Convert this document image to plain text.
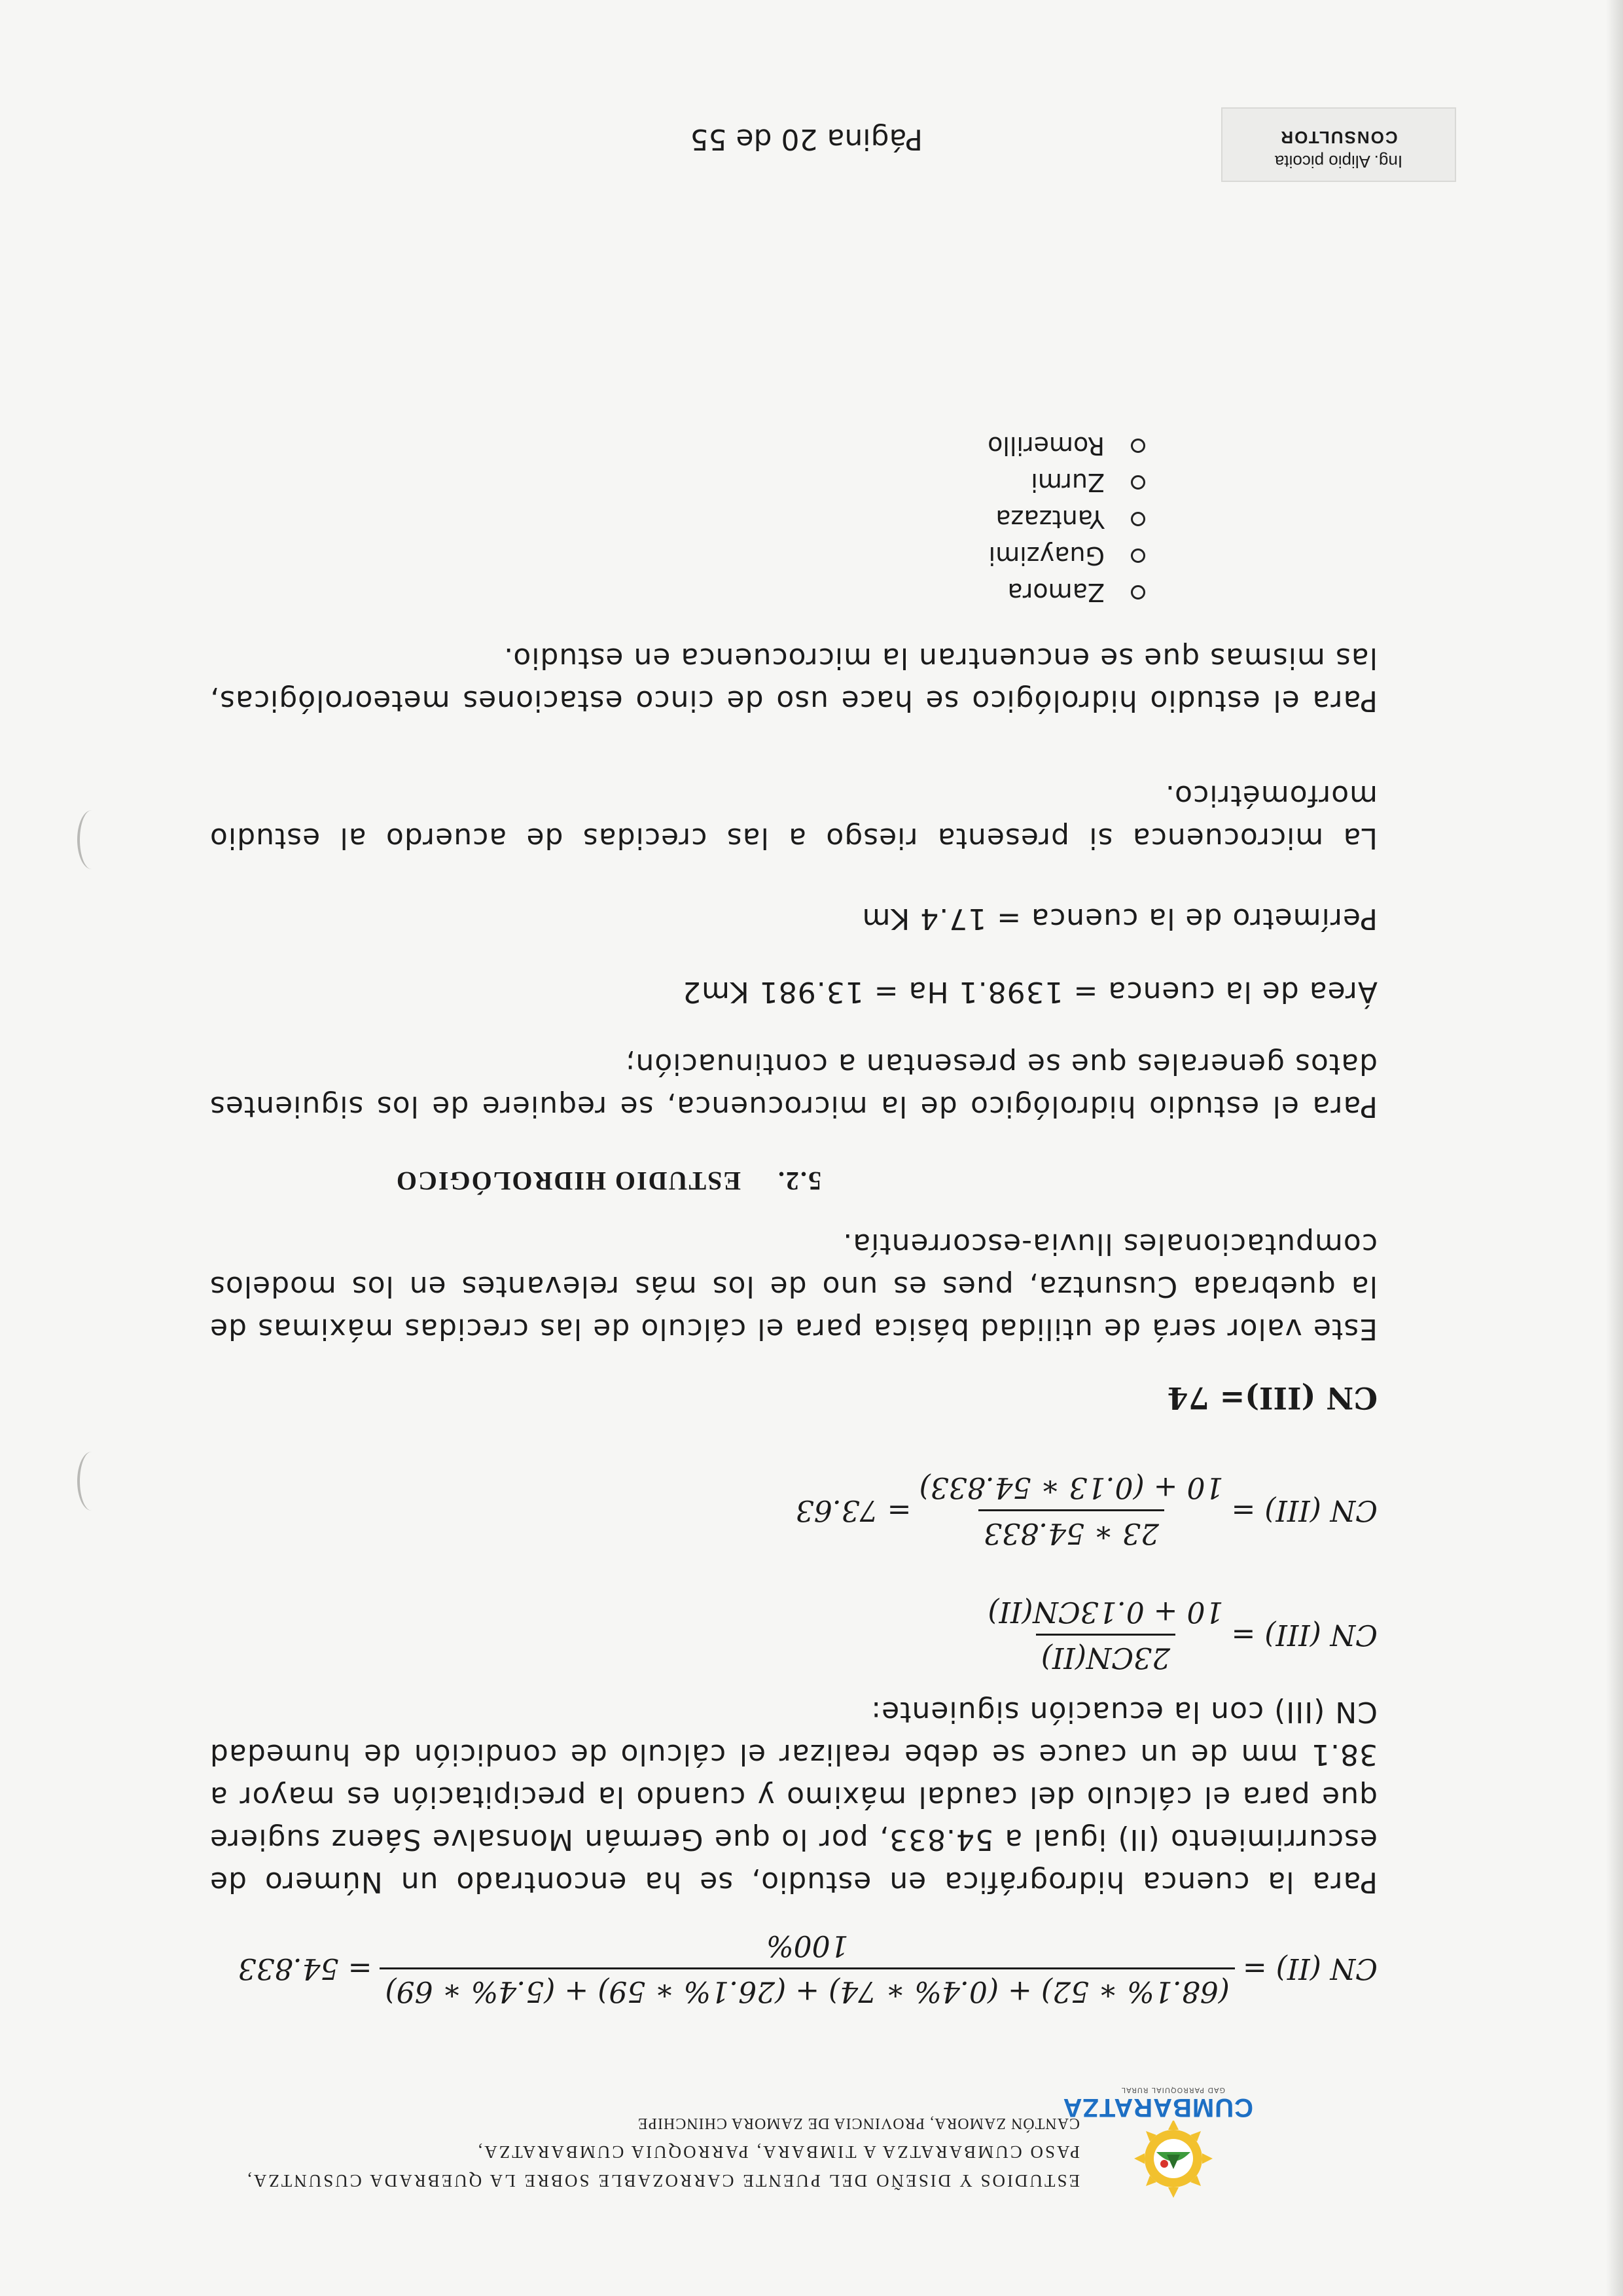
CUMBARATZA
GAD PARROQUIAL RURAL
ESTUDIOS Y DISEÑO DEL PUENTE CARROZABLE SOBRE LA QUEBRADA CUSUNTZA, PASO CUMBARATZA A TIMBARA, PARROQUIA CUMBARATZA,
CANTÓN ZAMORA, PROVINCIA DE ZAMORA CHINCHIPE
CN (II) =
(68.1% ∗ 52) + (0.4% ∗ 74) + (26.1% ∗ 59) + (5.4% ∗ 69)
100%
= 54.833

Para la cuenca hidrográfica en estudio, se ha encontrado un Número de escurrimiento (II) igual a 54.833, por lo que Germán Monsalve Sáenz sugiere que para el cálculo del caudal máximo y cuando la precipitación es mayor a 38.1 mm de un cauce se debe realizar el cálculo de condición de humedad CN (III) con la ecuación siguiente:

CN (III) =
23CN(II)
10 + 0.13CN(II)
CN (III) =
23 ∗ 54.833
10 + (0.13 ∗ 54.833)
= 73.63
CN (III)= 74

Este valor será de utilidad básica para el cálculo de las crecidas máximas de la quebrada Cusuntza, pues es uno de los más relevantes en los modelos computacionales lluvia-escorrentía.

5.2.ESTUDIO HIDROLÓGICO

Para el estudio hidrológico de la microcuenca, se requiere de los siguientes datos generales que se presentan a continuación;

Área de la cuenca = 1398.1 Ha = 13.981 Km2

Perímetro de la cuenca = 17.4 Km

La microcuenca si presenta riesgo a las crecidas de acuerdo al estudio morfométrico.

Para el estudio hidrológico se hace uso de cinco estaciones meteorológicas, las mismas que se encuentran la microcuenca en estudio.

Zamora
Guayzimi
Yantzaza
Zurmi
Romerillo
Página 20 de 55
Ing. Alipio picoita
CONSULTOR
